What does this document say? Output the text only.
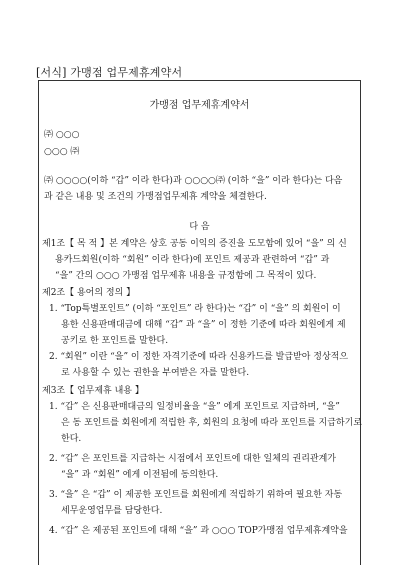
[서식] 가맹점 업무제휴계약서
가맹점 업무제휴계약서
㈜ ○○○
○○○ ㈜
㈜ ○○○○(이하 “갑” 이라 한다)과 ○○○○㈜ (이하 “을” 이라 한다)는 다음
과 같은 내용 및 조건의 가맹점업무제휴 계약을 체결한다.
다 음
제1조【 목 적 】본 계약은 상호 공동 이익의 증진을 도모함에 있어 “을” 의 신
용카드회원(이하 “회원” 이라 한다)에 포인트 제공과 관련하여 “갑” 과
“을” 간의 ○○○ 가맹점 업무제휴 내용을 규정함에 그 목적이 있다.
제2조【 용어의 정의 】
1. “Top특별포인트” (이하 “포인트” 라 한다)는 “갑” 이 “을” 의 회원이 이
용한 신용판매대금에 대해 “갑” 과 “을” 이 정한 기준에 따라 회원에게 제
공키로 한 포인트를 말한다.
2. “회원” 이란 “을” 이 정한 자격기준에 따라 신용카드를 발급받아 정상적으
로 사용할 수 있는 권한을 부여받은 자를 말한다.
제3조【 업무제휴 내용 】
1. “갑” 은 신용판매대금의 일정비율을 “을” 에게 포인트로 지급하며, “을”
은 동 포인트를 회원에게 적립한 후, 회원의 요청에 따라 포인트를 지급하기로
한다.
2. “갑” 은 포인트를 지급하는 시점에서 포인트에 대한 일체의 권리관계가
“을” 과 “회원” 에게 이전됨에 동의한다.
3. “을” 은 “갑” 이 제공한 포인트를 회원에게 적립하기 위하여 필요한 자동
세무운영업무를 담당한다.
4. “갑” 은 제공된 포인트에 대해 “을” 과 ○○○ TOP가맹점 업무제휴계약을
